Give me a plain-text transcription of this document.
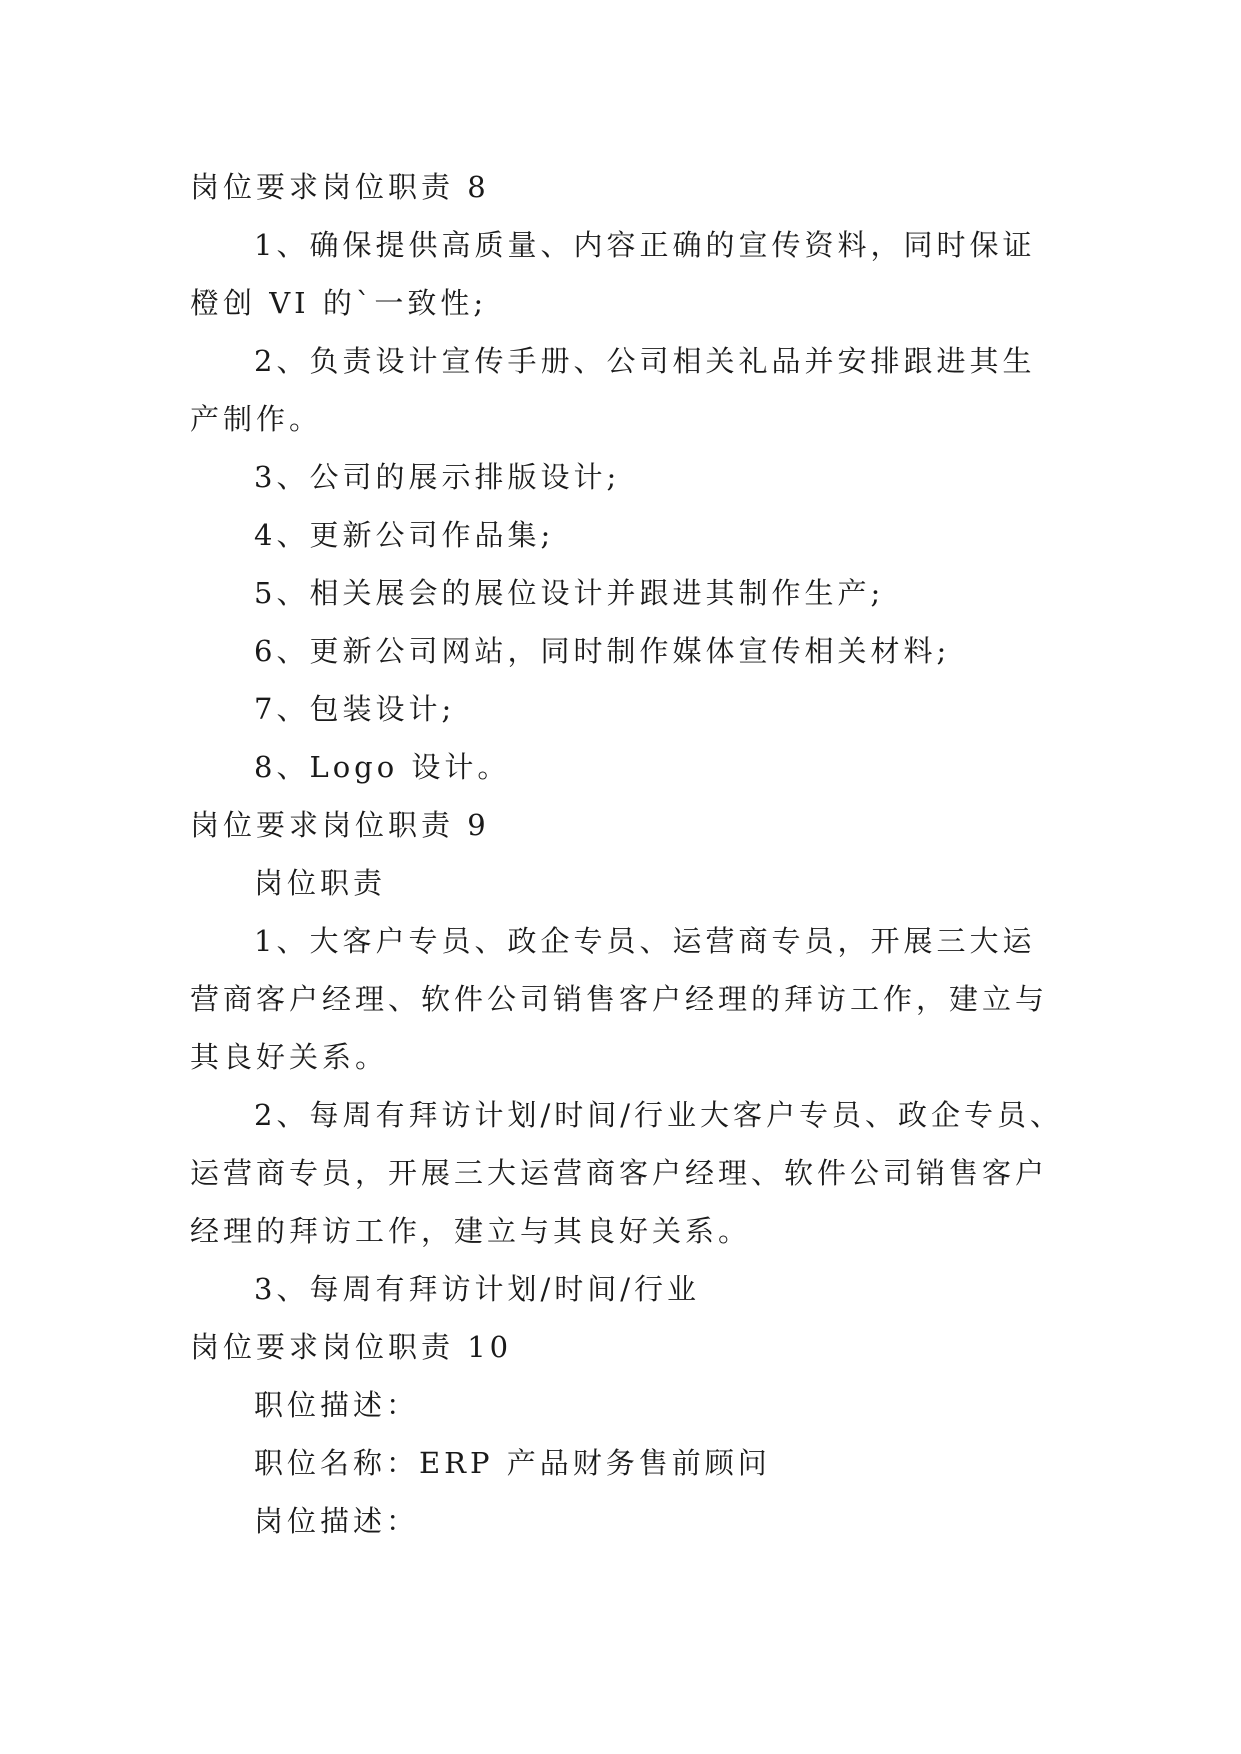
岗位要求岗位职责 8

1、确保提供高质量、内容正确的宣传资料，同时保证

橙创 VI 的`一致性;

2、负责设计宣传手册、公司相关礼品并安排跟进其生

产制作。

3、公司的展示排版设计;

4、更新公司作品集;

5、相关展会的展位设计并跟进其制作生产;

6、更新公司网站，同时制作媒体宣传相关材料;

7、包装设计;

8、Logo 设计。

岗位要求岗位职责 9

岗位职责

1、大客户专员、政企专员、运营商专员，开展三大运

营商客户经理、软件公司销售客户经理的拜访工作，建立与

其良好关系。

2、每周有拜访计划/时间/行业大客户专员、政企专员、

运营商专员，开展三大运营商客户经理、软件公司销售客户

经理的拜访工作，建立与其良好关系。

3、每周有拜访计划/时间/行业

岗位要求岗位职责 10

职位描述：

职位名称：ERP 产品财务售前顾问

岗位描述：
